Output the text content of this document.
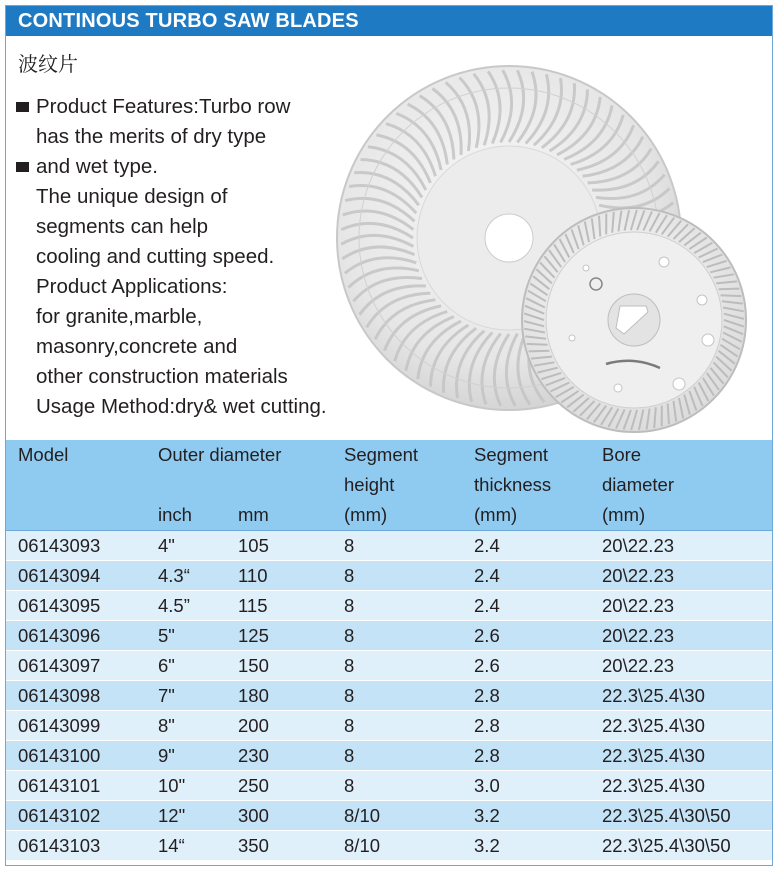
CONTINOUS TURBO SAW BLADES
波纹片
Product Features:Turbo row
has the merits of dry type
and wet type.
The unique design of
segments can help
cooling and cutting speed.
Product Applications:
for granite,marble,
masonry,concrete and
other construction materials
Usage Method:dry& wet cutting.
Model	Outer diameter		Segment	Segment	Bore
			height	thickness	diameter
	inch	mm	(mm)	(mm)	(mm)
06143093	4"	105	8	2.4	20\22.23
06143094	4.3“	110	8	2.4	20\22.23
06143095	4.5”	115	8	2.4	20\22.23
06143096	5"	125	8	2.6	20\22.23
06143097	6"	150	8	2.6	20\22.23
06143098	7"	180	8	2.8	22.3\25.4\30
06143099	8"	200	8	2.8	22.3\25.4\30
06143100	9"	230	8	2.8	22.3\25.4\30
06143101	10"	250	8	3.0	22.3\25.4\30
06143102	12"	300	8/10	3.2	22.3\25.4\30\50
06143103	14“	350	8/10	3.2	22.3\25.4\30\50
